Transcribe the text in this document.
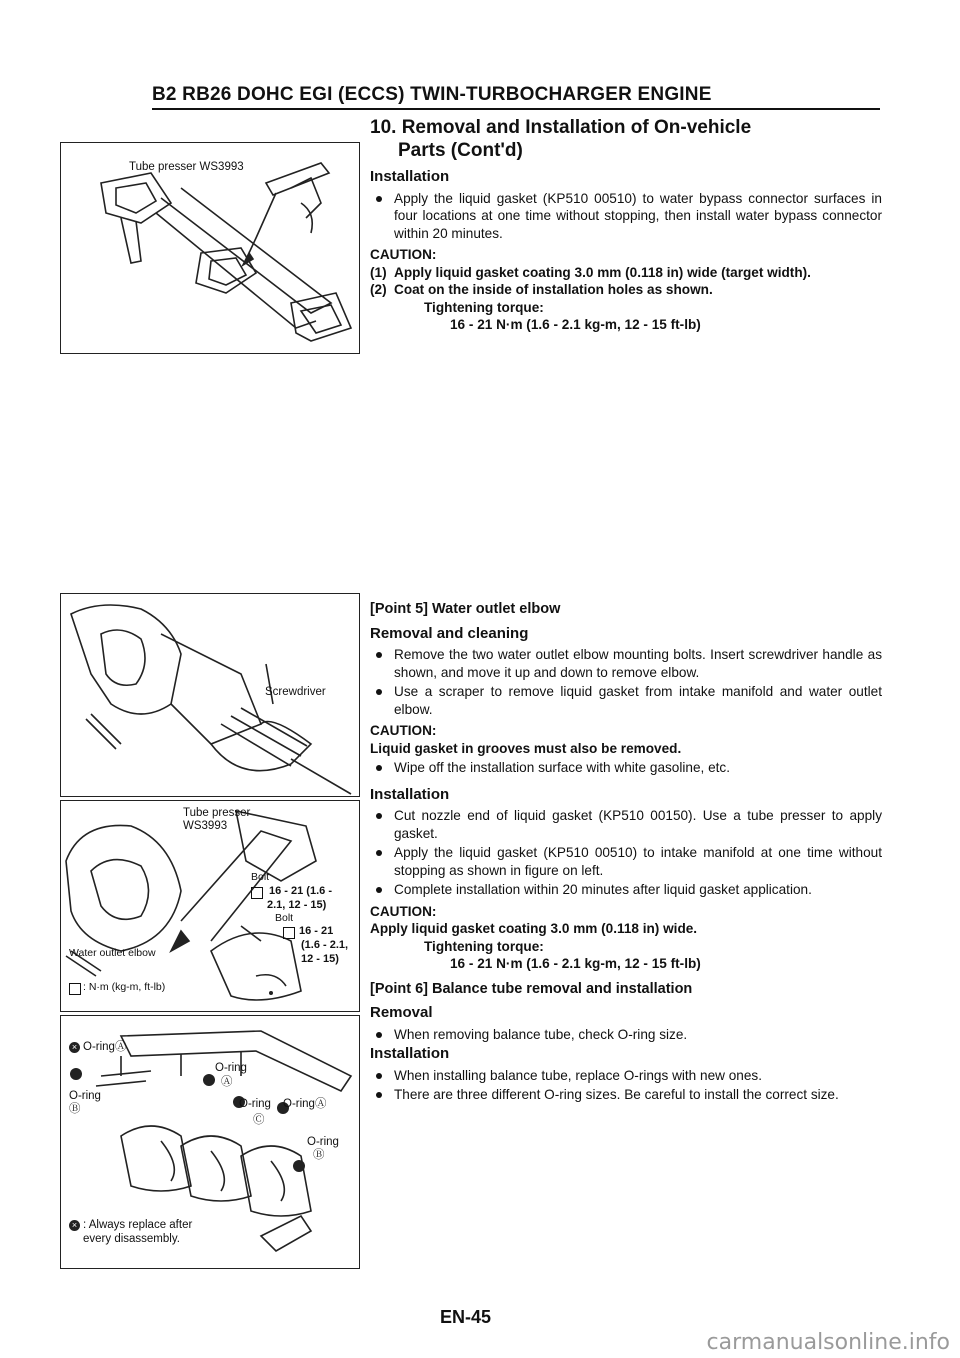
B2 RB26 DOHC EGI (ECCS) TWIN-TURBOCHARGER ENGINE
Tube presser WS3993
Screwdriver
Tube presser
WS3993
Bolt
16 - 21 (1.6 -
2.1, 12 - 15)
Bolt
16 - 21
(1.6 - 2.1,
12 - 15)
Water outlet elbow
: N·m (kg-m, ft-lb)
× O-ringⒶ
O-ring
O-ring
Ⓑ
Ⓐ
O-ring
Ⓒ
O-ringⒶ
O-ring
Ⓑ
× : Always replace after
every disassembly.
10. Removal and Installation of On-vehicle
Parts (Cont'd)
Installation
Apply the liquid gasket (KP510 00510) to water bypass connector surfaces in four locations at one time without stopping, then install water bypass connector within 20 minutes.
CAUTION:
(1) Apply liquid gasket coating 3.0 mm (0.118 in) wide (target width).
(2) Coat on the inside of installation holes as shown.
Tightening torque:
16 - 21 N·m (1.6 - 2.1 kg-m, 12 - 15 ft-lb)
[Point 5] Water outlet elbow
Removal and cleaning
Remove the two water outlet elbow mounting bolts. Insert screwdriver handle as shown, and move it up and down to remove elbow.
Use a scraper to remove liquid gasket from intake manifold and water outlet elbow.
CAUTION:
Liquid gasket in grooves must also be removed.
Wipe off the installation surface with white gasoline, etc.
Installation
Cut nozzle end of liquid gasket (KP510 00150). Use a tube presser to apply gasket.
Apply the liquid gasket (KP510 00510) to intake manifold at one time without stopping as shown in figure on left.
Complete installation within 20 minutes after liquid gasket application.
CAUTION:
Apply liquid gasket coating 3.0 mm (0.118 in) wide.
Tightening torque:
16 - 21 N·m (1.6 - 2.1 kg-m, 12 - 15 ft-lb)
[Point 6] Balance tube removal and installation
Removal
When removing balance tube, check O-ring size.
Installation
When installing balance tube, replace O-rings with new ones.
There are three different O-ring sizes. Be careful to install the correct size.
EN-45
carmanualsonline.info
